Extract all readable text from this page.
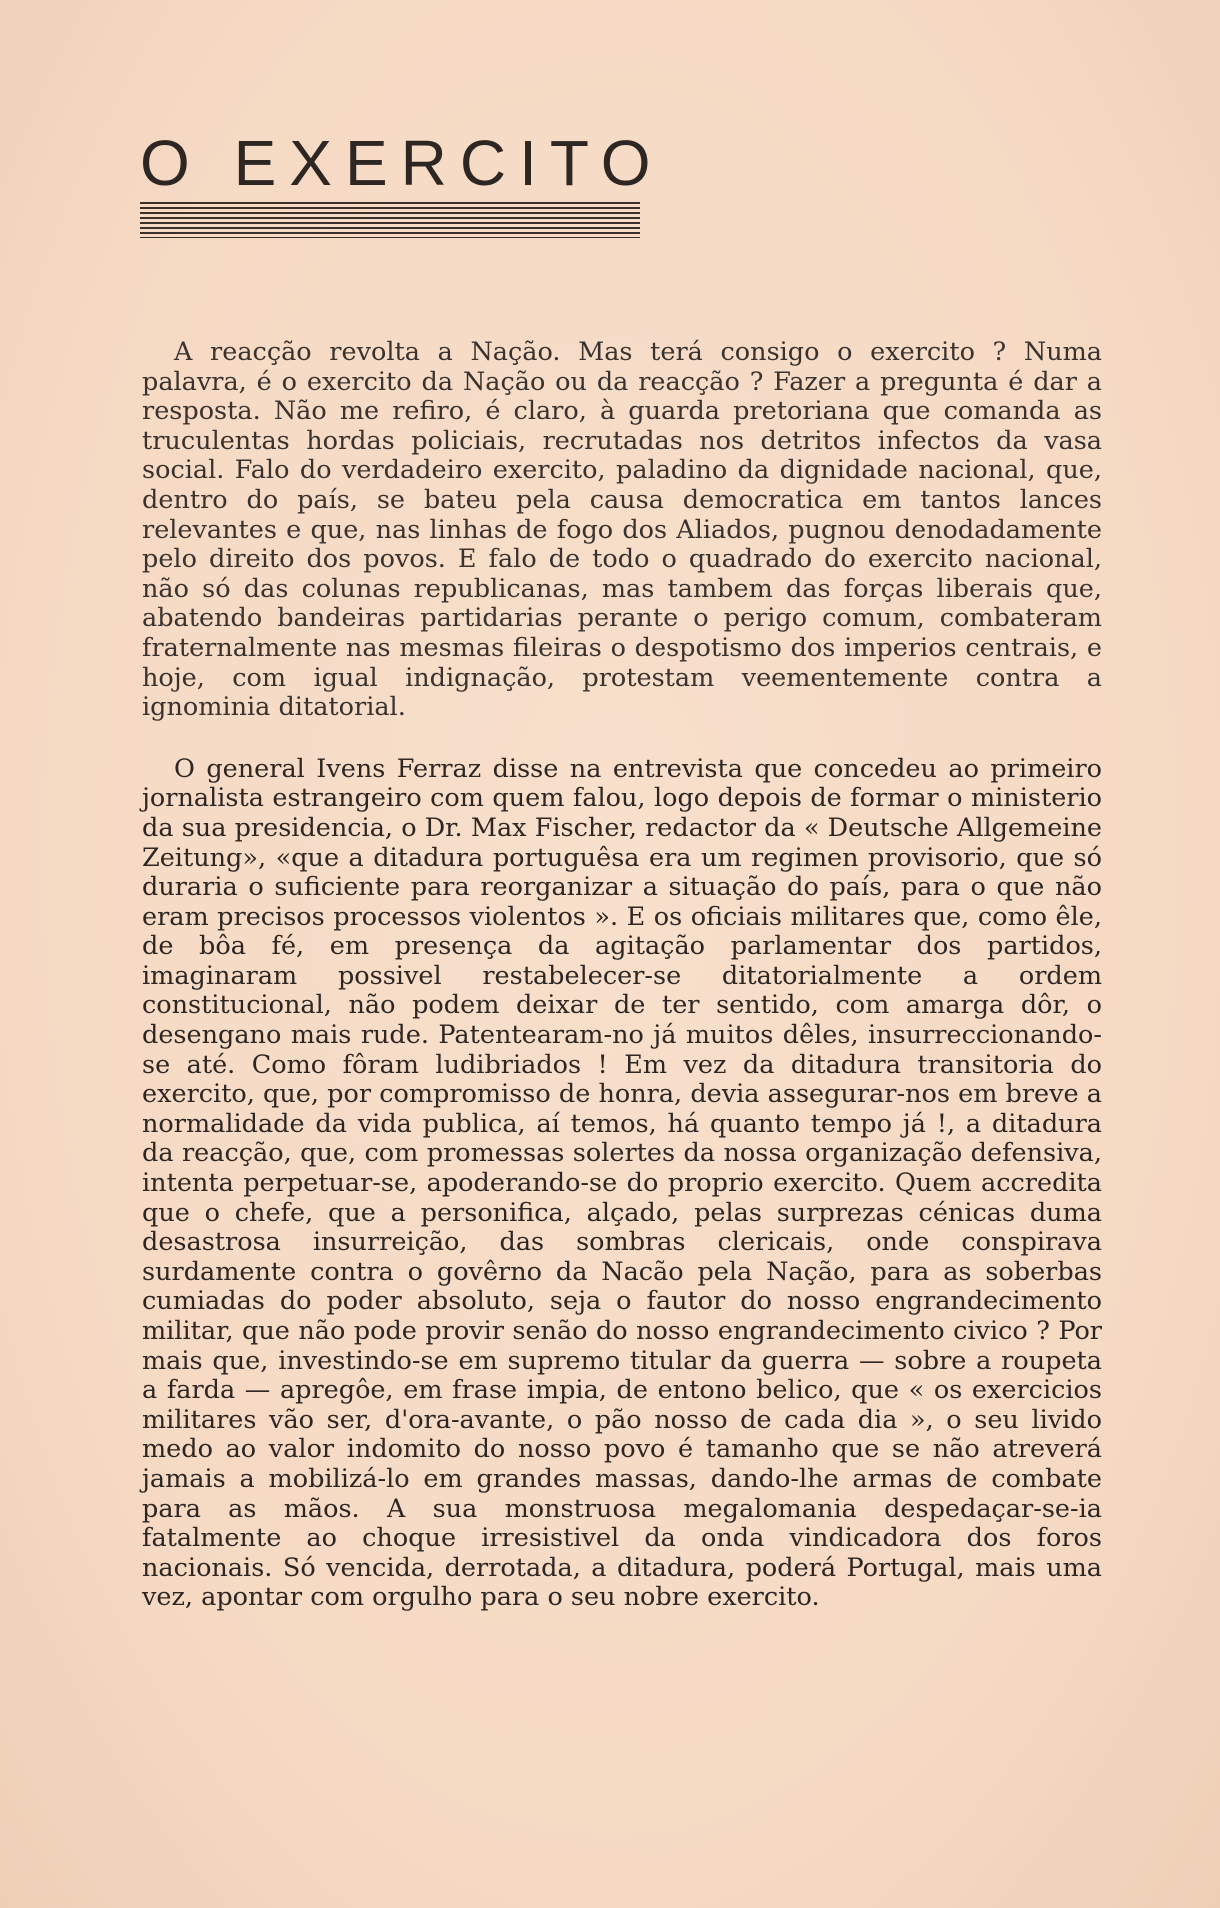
O EXERCITO

A reacção revolta a Nação. Mas terá consigo o exercito ? Numa palavra, é o exercito da Nação ou da reacção ? Fazer a pregunta é dar a resposta. Não me refiro, é claro, à guarda pretoriana que comanda as truculentas hordas policiais, recrutadas nos detritos infectos da vasa social. Falo do verdadeiro exercito, paladino da dignidade nacional, que, dentro do país, se bateu pela causa democratica em tantos lances relevantes e que, nas linhas de fogo dos Aliados, pugnou denodadamente pelo direito dos povos. E falo de todo o quadrado do exercito nacional, não só das colunas republicanas, mas tambem das forças liberais que, abatendo bandeiras partidarias perante o perigo comum, combateram fraternalmente nas mesmas fileiras o despotismo dos imperios centrais, e hoje, com igual indignação, protestam veementemente contra a ignominia ditatorial.

O general Ivens Ferraz disse na entrevista que concedeu ao primeiro jornalista estrangeiro com quem falou, logo depois de formar o ministerio da sua presidencia, o Dr. Max Fischer, redactor da « Deutsche Allgemeine Zeitung», «que a ditadura portuguêsa era um regimen provisorio, que só duraria o suficiente para reorganizar a situação do país, para o que não eram precisos processos violentos ». E os oficiais militares que, como êle, de bôa fé, em presença da agitação parlamentar dos partidos, imaginaram possivel restabelecer-se ditatorialmente a ordem constitucional, não podem deixar de ter sentido, com amarga dôr, o desengano mais rude. Patentearam-no já muitos dêles, insurreccionando-se até. Como fôram ludibriados ! Em vez da ditadura transitoria do exercito, que, por compromisso de honra, devia assegurar-nos em breve a normalidade da vida publica, aí temos, há quanto tempo já !, a ditadura da reacção, que, com promessas solertes da nossa organização defensiva, intenta perpetuar-se, apoderando-se do proprio exercito. Quem accredita que o chefe, que a personifica, alçado, pelas surprezas cénicas duma desastrosa insurreição, das sombras clericais, onde conspirava surdamente contra o govêrno da Nacão pela Nação, para as soberbas cumiadas do poder absoluto, seja o fautor do nosso engrandecimento militar, que não pode provir senão do nosso engrandecimento civico ? Por mais que, investindo-se em supremo titular da guerra — sobre a roupeta a farda — apregôe, em frase impia, de entono belico, que « os exercicios militares vão ser, d'ora-avante, o pão nosso de cada dia », o seu livido medo ao valor indomito do nosso povo é tamanho que se não atreverá jamais a mobilizá-lo em grandes massas, dando-lhe armas de combate para as mãos. A sua monstruosa megalomania despedaçar-se-ia fatalmente ao choque irresistivel da onda vindicadora dos foros nacionais. Só vencida, derrotada, a ditadura, poderá Portugal, mais uma vez, apontar com orgulho para o seu nobre exercito.
